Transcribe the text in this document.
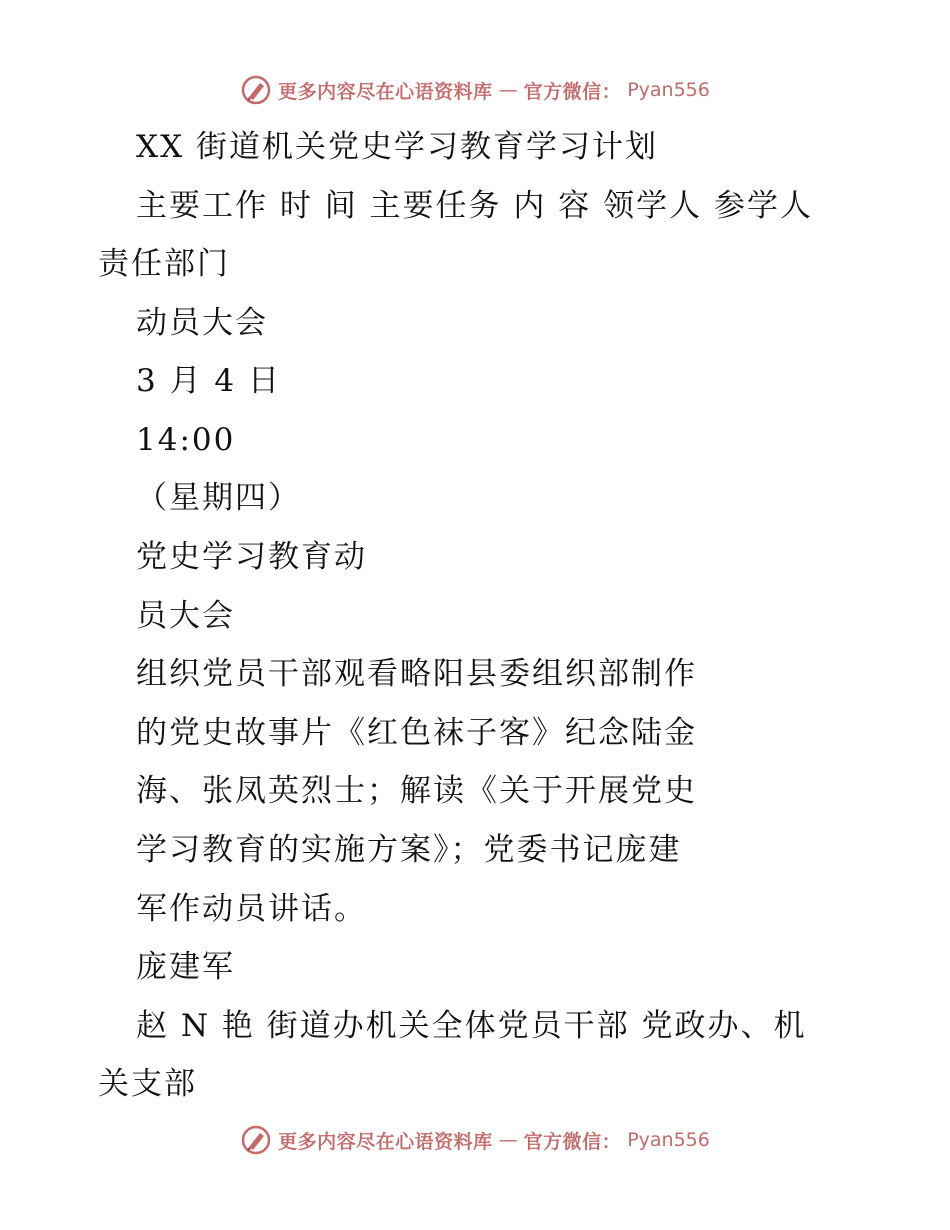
更多内容尽在心语资料库 — 官方微信： Pyan556
XX 街道机关党史学习教育学习计划
主要工作 时 间 主要任务 内 容 领学人 参学人 责任部门
动员大会
3 月 4 日
14:00
（星期四）
党史学习教育动
员大会
组织党员干部观看略阳县委组织部制作
的党史故事片《红色袜子客》纪念陆金
海、张凤英烈士；解读《关于开展党史
学习教育的实施方案》；党委书记庞建
军作动员讲话。
庞建军
赵 N 艳 街道办机关全体党员干部 党政办、机关支部
更多内容尽在心语资料库 — 官方微信： Pyan556
